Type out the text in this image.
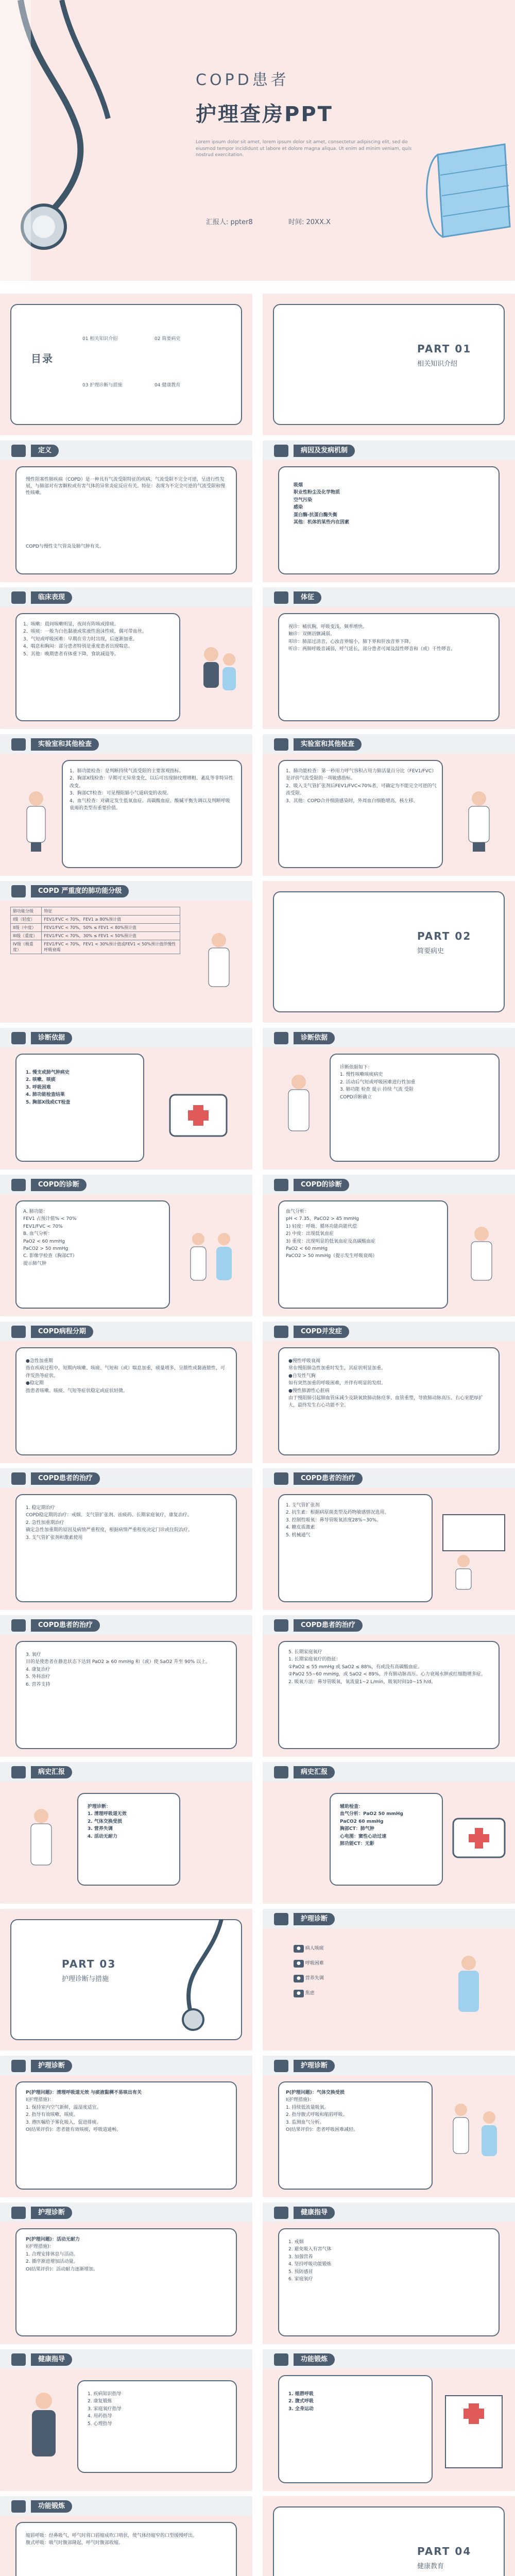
COPD患者
护理查房PPT
Lorem ipsum dolor sit amet, lorem ipsum dolor sit amet, consectetur adipiscing elit, sed do eiusmod tempor incididunt ut labore et dolore magna aliqua. Ut enim ad minim veniam, quis nostrud exercitation.
汇报人: ppter8	时间: 20XX.X
目录
01 相关知识介绍	02 简要病史
03 护理诊断与措施	04 健康教育
PART 01
相关知识介绍
定义
慢性阻塞性肺疾病（COPD）是一种具有气流受限特征的疾病，气流受限不完全可逆，呈进行性发展，与肺部对有害颗粒或有害气体的异常炎症反应有关。特征：表现为不完全可逆的气流受限和慢性咳嗽。
COPD与慢性支气管炎及肺气肿有关。
病因及发病机制
吸烟
职业性粉尘及化学物质
空气污染
感染
蛋白酶-抗蛋白酶失衡
其他：机体的某些内在因素
临床表现
1、咳嗽：晨间咳嗽明显，夜间有阵咳或排痰。
2、咳痰：一般为白色黏液或浆液性泡沫性痰，偶可带血丝。
3、气短或呼吸困难：早期在劳力时出现，后逐渐加重。
4、喘息和胸闷：部分患者特别是重度患者出现喘息。
5、其他：晚期患者有体重下降，食欲减退等。
体征
视诊：桶状胸，呼吸变浅、频率增快。
触诊：双侧语颤减弱。
叩诊：肺部过清音，心浊音界缩小，肺下界和肝浊音界下降。
听诊：两肺呼吸音减弱，呼气延长，部分患者可闻及湿性啰音和（或）干性啰音。
实验室和其他检查
1、肺功能检查：是判断持续气流受限的主要客观指标。
2、胸部X线检查：早期可无异常变化，以后可出现肺纹理增粗、紊乱等非特异性改变。
3、胸部CT检查：可见慢阻肺小气道病变的表现。
4、血气检查：对确定发生低氧血症、高碳酸血症、酸碱平衡失调以及判断呼吸衰竭的类型有重要价值。
实验室和其他检查
1、肺功能检查：第一秒用力呼气容积占用力肺活量百分比（FEV1/FVC）是评价气流受限的一项敏感指标。
2、吸入支气管扩张剂后FEV1/FVC<70%者，可确定为不能完全可逆的气流受限。
3、其他：COPD合并细菌感染时，外周血白细胞增高，核左移。
COPD 严重度的肺功能分级
肺功能分级	特征
I级（轻度）	FEV1/FVC < 70%，FEV1 ≥ 80%预计值
II级（中度）	FEV1/FVC < 70%，50% ≤ FEV1 < 80%预计值
III级（重度）	FEV1/FVC < 70%，30% ≤ FEV1 < 50%预计值
IV级（极重度）	FEV1/FVC < 70%，FEV1 < 30%预计值或FEV1 < 50%预计值伴慢性呼吸衰竭
PART 02
简要病史
诊断依据
1. 慢支或肺气肿病史
2. 咳嗽、咳痰
3. 呼吸困难
4. 肺功能检查结果
5. 胸部X线或CT检查
诊断依据
诊断依据如下：
1. 慢性咳嗽咳痰病史
2. 活动后气短或呼吸困难进行性加重
3. 肺功能 检查 提示 持续 气流 受限
COPD诊断确立
COPD的诊断
A. 肺功能：
FEV1 占预计值% < 70%
FEV1/FVC < 70%
B. 血气分析：
PaO2 < 60 mmHg
PaCO2 > 50 mmHg
C. 影像学检查（胸部CT）
提示肺气肿
COPD的诊断
血气分析：
pH < 7.35，PaCO2 > 45 mmHg
1) 轻度：呼吸、循环功能尚能代偿
2) 中度：出现低氧血症
3) 重度：出现明显的低氧血症及高碳酸血症
PaO2 < 60 mmHg
PaCO2 > 50 mmHg（提示发生呼吸衰竭）
COPD病程分期
●急性加重期
指在疾病过程中，短期内咳嗽、咳痰、气短和（或）喘息加重，痰量增多，呈脓性或黏液脓性，可伴发热等症状。
●稳定期
指患者咳嗽、咳痰、气短等症状稳定或症状轻微。
COPD并发症
●慢性呼吸衰竭
常在慢阻肺急性加重时发生，其症状明显加重。
●自发性气胸
如有突然加重的呼吸困难，并伴有明显的发绀。
●慢性肺源性心脏病
由于慢阻肺引起肺血管床减少及缺氧致肺动脉痉挛、血管重塑，导致肺动脉高压、右心室肥厚扩大，最终发生右心功能不全。
COPD患者的治疗
1. 稳定期治疗
COPD稳定期的治疗：戒烟、支气管扩张剂、祛痰药、长期家庭氧疗，康复治疗。
2. 急性加重期治疗
确定急性加重期的原因及病情严重程度，根据病情严重程度决定门诊或住院治疗。
3. 支气管扩张剂和激素使用
COPD患者的治疗
1. 支气管扩张剂
2. 抗生素：根据病原菌类型及药物敏感情况选用。
3. 控制性吸氧：鼻导管吸氧浓度28%~30%。
4. 糖皮质激素
5. 机械通气
COPD患者的治疗
3. 氧疗
目的是使患者在静息状态下达到 PaO2 ≥ 60 mmHg 和（或）使 SaO2 升至 90% 以上。
4. 康复治疗
5. 外科治疗
6. 营养支持
COPD患者的治疗
5. 长期家庭氧疗
1. 长期家庭氧疗的指征：
①PaO2 ≤ 55 mmHg 或 SaO2 ≤ 88%，有或没有高碳酸血症。
②PaO2 55~60 mmHg，或 SaO2 < 89%，并有肺动脉高压、心力衰竭水肿或红细胞增多症。
2. 吸氧方法：鼻导管吸氧，氧流量1~2 L/min，吸氧时间10~15 h/d。
病史汇报
护理诊断：
1. 清理呼吸道无效
2. 气体交换受损
3. 营养失调
4. 活动无耐力
病史汇报
辅助检查：
血气分析：PaO2 50 mmHg
PaCO2 60 mmHg
胸部CT：肺气肿
心电图：窦性心动过速
肺功能CT：无影
PART 03
护理诊断与措施
护理诊断
● 病人咳痰
● 呼吸困难
● 营养失调
● 焦虑
护理诊断
P(护理问题)：清理呼吸道无效 与痰液黏稠不易咳出有关
I(护理措施)：
1. 保持室内空气新鲜，温湿度适宜。
2. 指导有效咳嗽、咳痰。
3. 遵医嘱给予雾化吸入，促进排痰。
O(结果评价)：患者能有效咳痰，呼吸道通畅。
护理诊断
P(护理问题)：气体交换受损
I(护理措施)：
1. 持续低流量吸氧。
2. 指导腹式呼吸和缩唇呼吸。
3. 监测血气分析。
O(结果评价)：患者呼吸困难减轻。
护理诊断
P(护理问题)：活动无耐力
I(护理措施)：
1. 合理安排休息与活动。
2. 循序渐进增加活动量。
O(结果评价)：活动耐力逐渐增加。
健康指导
1. 戒烟
2. 避免吸入有害气体
3. 加强营养
4. 坚持呼吸功能锻炼
5. 预防感冒
6. 家庭氧疗
健康指导
1. 疾病知识指导
2. 康复锻炼
3. 家庭氧疗指导
4. 用药指导
5. 心理指导
功能锻炼
1. 缩唇呼吸
2. 腹式呼吸
3. 全身运动
功能锻炼
缩唇呼吸：经鼻吸气，呼气时将口唇缩成吹口哨状，使气体经缩窄的口型缓慢呼出。
腹式呼吸：吸气时腹部隆起，呼气时腹部收缩。
PART 04
健康教育
